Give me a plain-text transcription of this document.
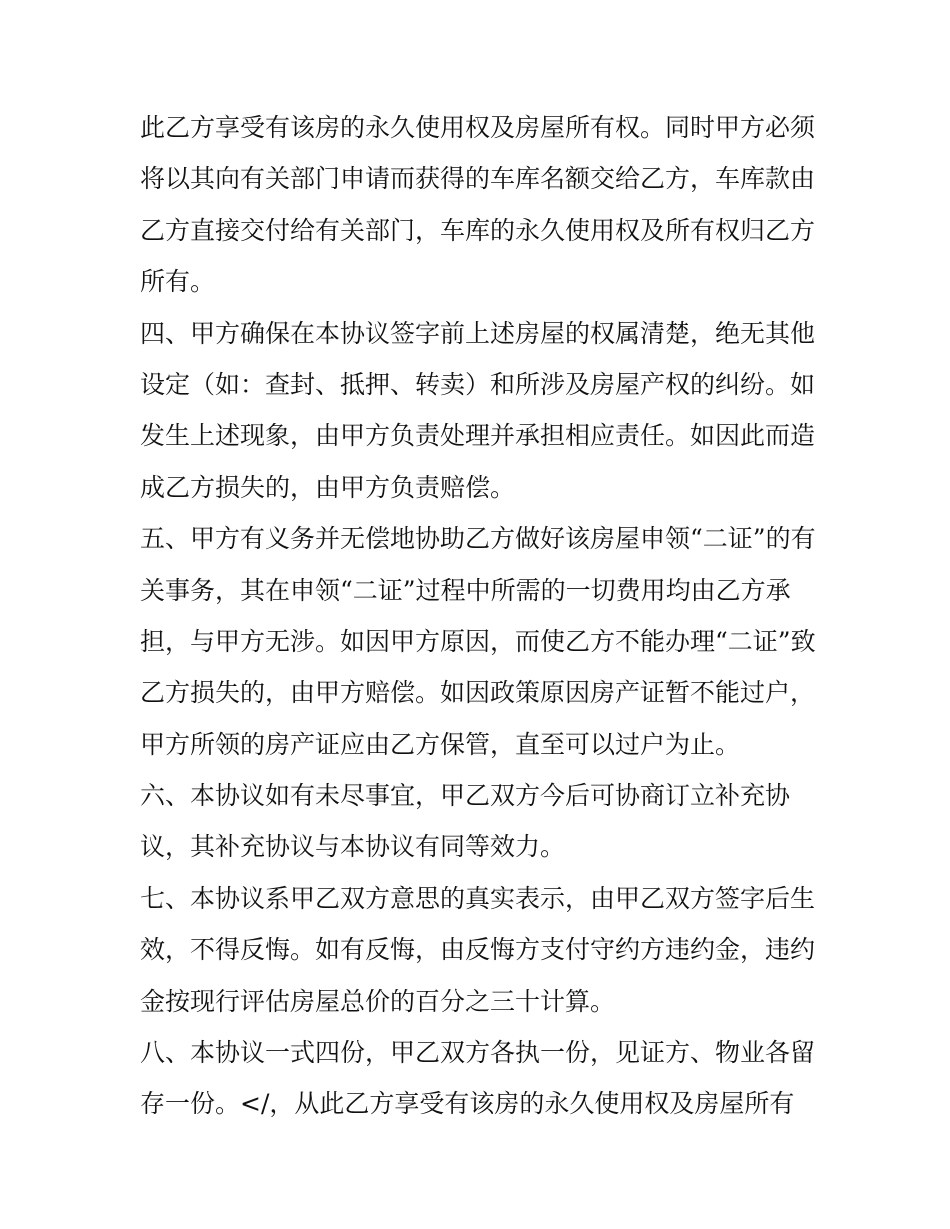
此乙方享受有该房的永久使用权及房屋所有权。同时甲方必须
将以其向有关部门申请而获得的车库名额交给乙方，车库款由
乙方直接交付给有关部门，车库的永久使用权及所有权归乙方
所有。
四、甲方确保在本协议签字前上述房屋的权属清楚，绝无其他
设定（如：查封、抵押、转卖）和所涉及房屋产权的纠纷。如
发生上述现象，由甲方负责处理并承担相应责任。如因此而造
成乙方损失的，由甲方负责赔偿。
五、甲方有义务并无偿地协助乙方做好该房屋申领“二证”的有
关事务，其在申领“二证”过程中所需的一切费用均由乙方承
担，与甲方无涉。如因甲方原因，而使乙方不能办理“二证”致
乙方损失的，由甲方赔偿。如因政策原因房产证暂不能过户，
甲方所领的房产证应由乙方保管，直至可以过户为止。
六、本协议如有未尽事宜，甲乙双方今后可协商订立补充协
议，其补充协议与本协议有同等效力。
七、本协议系甲乙双方意思的真实表示，由甲乙双方签字后生
效，不得反悔。如有反悔，由反悔方支付守约方违约金，违约
金按现行评估房屋总价的百分之三十计算。
八、本协议一式四份，甲乙双方各执一份，见证方、物业各留
存一份。</，从此乙方享受有该房的永久使用权及房屋所有
